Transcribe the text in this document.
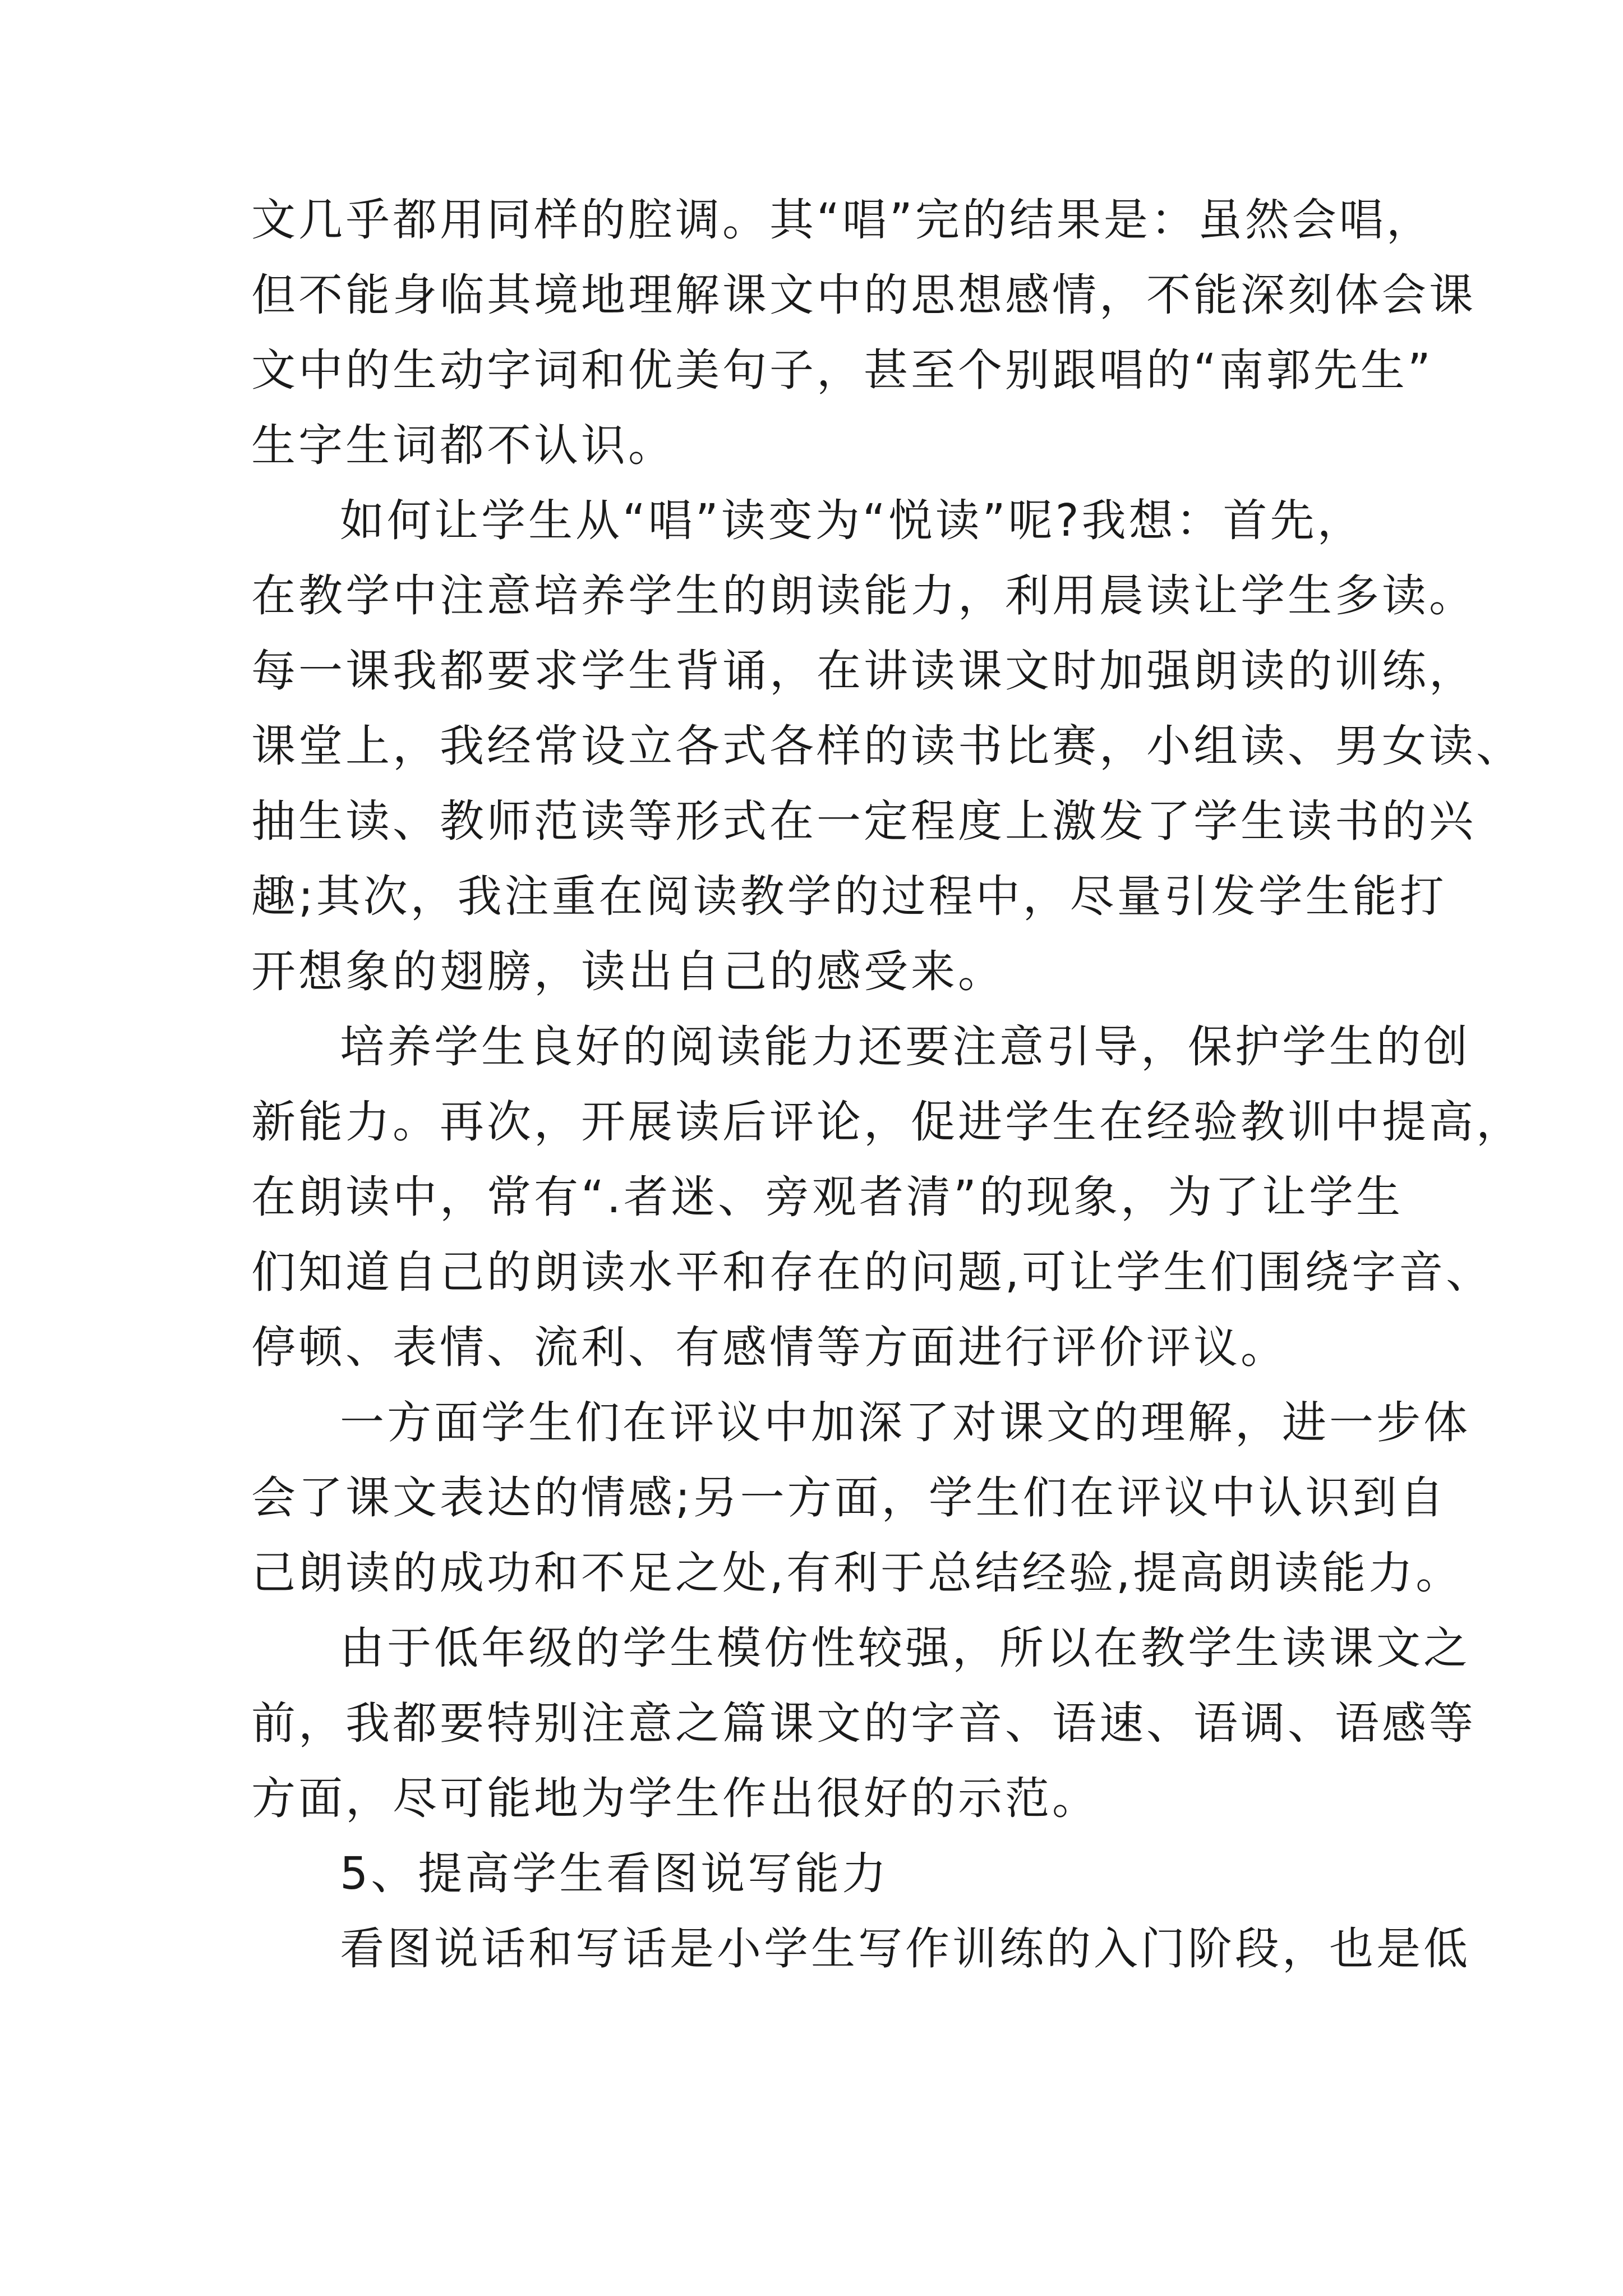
文几乎都用同样的腔调。其“唱”完的结果是：虽然会唱，
但不能身临其境地理解课文中的思想感情，不能深刻体会课
文中的生动字词和优美句子，甚至个别跟唱的“南郭先生”
生字生词都不认识。
如何让学生从“唱”读变为“悦读”呢?我想：首先，
在教学中注意培养学生的朗读能力，利用晨读让学生多读。
每一课我都要求学生背诵，在讲读课文时加强朗读的训练，
课堂上，我经常设立各式各样的读书比赛，小组读、男女读、
抽生读、教师范读等形式在一定程度上激发了学生读书的兴
趣;其次，我注重在阅读教学的过程中，尽量引发学生能打
开想象的翅膀，读出自己的感受来。
培养学生良好的阅读能力还要注意引导，保护学生的创
新能力。再次，开展读后评论，促进学生在经验教训中提高，
在朗读中，常有“.者迷、旁观者清”的现象，为了让学生
们知道自己的朗读水平和存在的问题,可让学生们围绕字音、
停顿、表情、流利、有感情等方面进行评价评议。
一方面学生们在评议中加深了对课文的理解，进一步体
会了课文表达的情感;另一方面，学生们在评议中认识到自
己朗读的成功和不足之处,有利于总结经验,提高朗读能力。
由于低年级的学生模仿性较强，所以在教学生读课文之
前，我都要特别注意之篇课文的字音、语速、语调、语感等
方面，尽可能地为学生作出很好的示范。
5、提高学生看图说写能力
看图说话和写话是小学生写作训练的入门阶段，也是低
